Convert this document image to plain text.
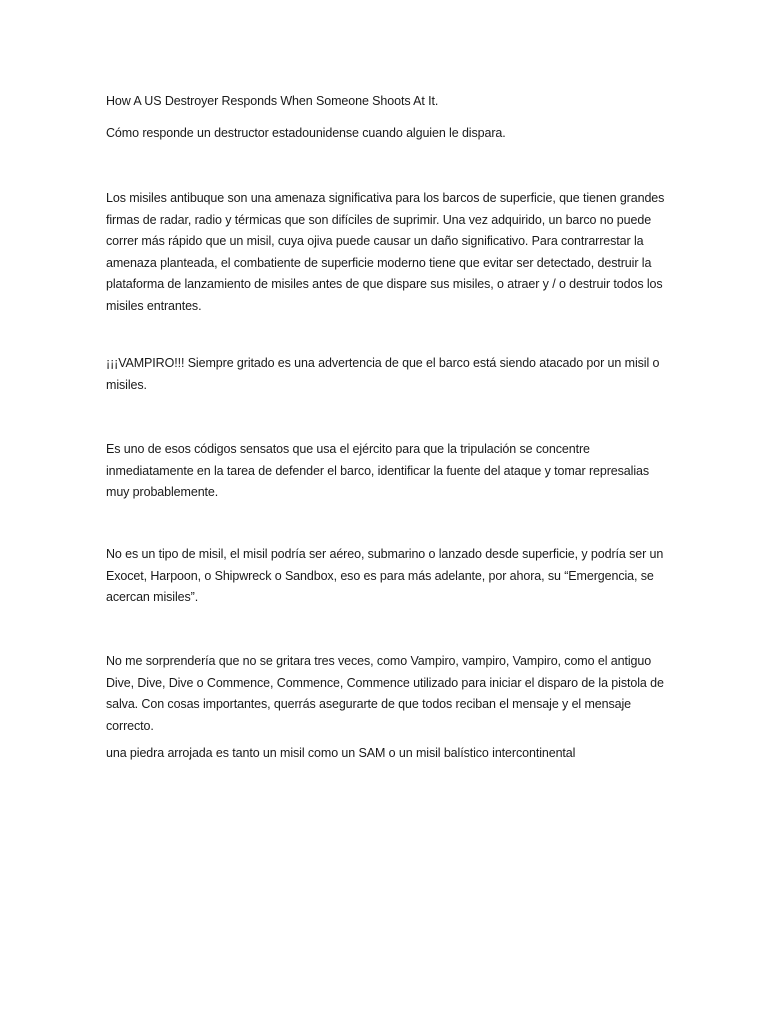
How A US Destroyer Responds When Someone Shoots At It.

Cómo responde un destructor estadounidense cuando alguien le dispara.

Los misiles antibuque son una amenaza significativa para los barcos de superficie, que tienen grandes firmas de radar, radio y térmicas que son difíciles de suprimir. Una vez adquirido, un barco no puede correr más rápido que un misil, cuya ojiva puede causar un daño significativo. Para contrarrestar la amenaza planteada, el combatiente de superficie moderno tiene que evitar ser detectado, destruir la plataforma de lanzamiento de misiles antes de que dispare sus misiles, o atraer y / o destruir todos los misiles entrantes.

¡¡¡VAMPIRO!!! Siempre gritado es una advertencia de que el barco está siendo atacado por un misil o misiles.

Es uno de esos códigos sensatos que usa el ejército para que la tripulación se concentre inmediatamente en la tarea de defender el barco, identificar la fuente del ataque y tomar represalias muy probablemente.

No es un tipo de misil, el misil podría ser aéreo, submarino o lanzado desde superficie, y podría ser un Exocet, Harpoon, o Shipwreck o Sandbox, eso es para más adelante, por ahora, su “Emergencia, se acercan misiles”.

No me sorprendería que no se gritara tres veces, como Vampiro, vampiro, Vampiro, como el antiguo Dive, Dive, Dive o Commence, Commence, Commence utilizado para iniciar el disparo de la pistola de salva. Con cosas importantes, querrás asegurarte de que todos reciban el mensaje y el mensaje correcto.

una piedra arrojada es tanto un misil como un SAM o un misil balístico intercontinental
